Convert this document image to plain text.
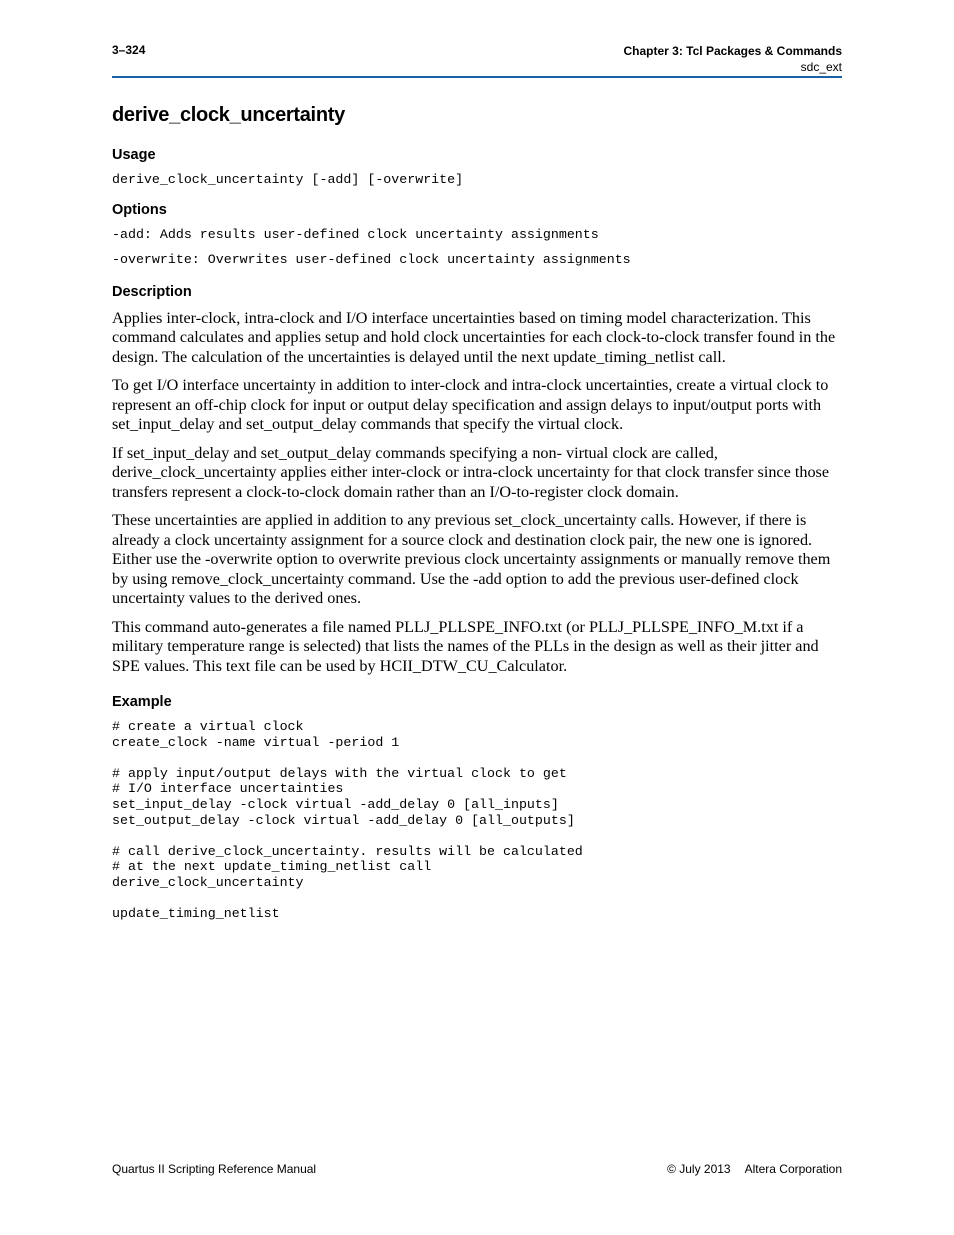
3–324	Chapter 3: Tcl Packages & Commands
sdc_ext
derive_clock_uncertainty
Usage
derive_clock_uncertainty [-add] [-overwrite]
Options
-add: Adds results user-defined clock uncertainty assignments
-overwrite: Overwrites user-defined clock uncertainty assignments
Description

Applies inter-clock, intra-clock and I/O interface uncertainties based on timing model characterization. This command calculates and applies setup and hold clock uncertainties for each clock-to-clock transfer found in the design. The calculation of the uncertainties is delayed until the next update_timing_netlist call.

To get I/O interface uncertainty in addition to inter-clock and intra-clock uncertainties, create a virtual clock to represent an off-chip clock for input or output delay specification and assign delays to input/output ports with set_input_delay and set_output_delay commands that specify the virtual clock.

If set_input_delay and set_output_delay commands specifying a non- virtual clock are called, derive_clock_uncertainty applies either inter-clock or intra-clock uncertainty for that clock transfer since those transfers represent a clock-to-clock domain rather than an I/O-to-register clock domain.

These uncertainties are applied in addition to any previous set_clock_uncertainty calls. However, if there is already a clock uncertainty assignment for a source clock and destination clock pair, the new one is ignored. Either use the -overwrite option to overwrite previous clock uncertainty assignments or manually remove them by using remove_clock_uncertainty command. Use the -add option to add the previous user-defined clock uncertainty values to the derived ones.

This command auto-generates a file named PLLJ_PLLSPE_INFO.txt (or PLLJ_PLLSPE_INFO_M.txt if a military temperature range is selected) that lists the names of the PLLs in the design as well as their jitter and SPE values. This text file can be used by HCII_DTW_CU_Calculator.

Example
# create a virtual clock
create_clock -name virtual -period 1

# apply input/output delays with the virtual clock to get
# I/O interface uncertainties
set_input_delay -clock virtual -add_delay 0 [all_inputs]
set_output_delay -clock virtual -add_delay 0 [all_outputs]

# call derive_clock_uncertainty. results will be calculated
# at the next update_timing_netlist call
derive_clock_uncertainty

update_timing_netlist
Quartus II Scripting Reference Manual	© July 2013 Altera Corporation
